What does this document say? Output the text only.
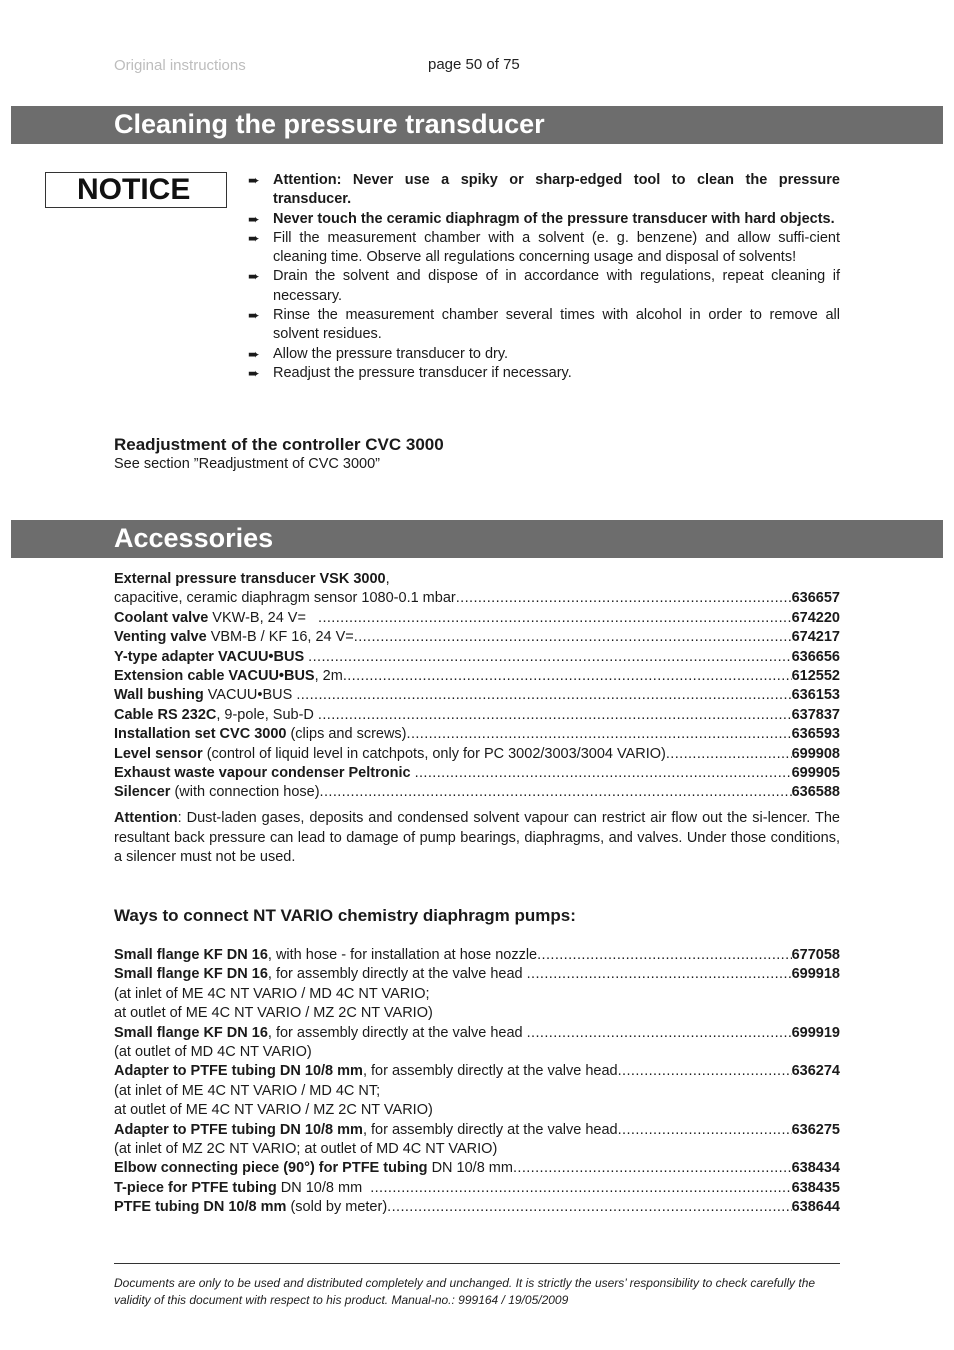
Original instructions	page 50 of 75
Cleaning the pressure transducer
NOTICE	➨ Attention: Never use a spiky or sharp-edged tool to clean the pressure transducer.
➨ Never touch the ceramic diaphragm of the pressure transducer with hard objects.
➨ Fill the measurement chamber with a solvent (e. g. benzene) and allow suffi-cient cleaning time. Observe all regulations concerning usage and disposal of solvents!
➨ Drain the solvent and dispose of in accordance with regulations, repeat cleaning if necessary.
➨ Rinse the measurement chamber several times with alcohol in order to remove all solvent residues.
➨ Allow the pressure transducer to dry.
➨ Readjust the pressure transducer if necessary.
Readjustment of the controller CVC 3000
See section ”Readjustment of CVC 3000”
Accessories
External pressure transducer VSK 3000,
capacitive, ceramic diaphragm sensor 1080-0.1 mbar .....	636657
Coolant valve VKW-B, 24 V= .....	674220
Venting valve VBM-B / KF 16, 24 V= .....	674217
Y-type adapter VACUU•BUS .....	636656
Extension cable VACUU•BUS, 2m .....	612552
Wall bushing VACUU•BUS .....	636153
Cable RS 232C, 9-pole, Sub-D .....	637837
Installation set CVC 3000 (clips and screws) .....	636593
Level sensor (control of liquid level in catchpots, only for PC 3002/3003/3004 VARIO) .....	699908
Exhaust waste vapour condenser Peltronic .....	699905
Silencer (with connection hose) .....	636588
Attention: Dust-laden gases, deposits and condensed solvent vapour can restrict air flow out the si-lencer. The resultant back pressure can lead to damage of pump bearings, diaphragms, and valves. Under those conditions, a silencer must not be used.
Ways to connect NT VARIO chemistry diaphragm pumps:
Small flange KF DN 16, with hose - for installation at hose nozzle .....	677058
Small flange KF DN 16, for assembly directly at the valve head .....	699918
(at inlet of ME 4C NT VARIO / MD 4C NT VARIO;
at outlet of ME 4C NT VARIO / MZ 2C NT VARIO)
Small flange KF DN 16, for assembly directly at the valve head .....	699919
(at outlet of MD 4C NT VARIO)
Adapter to PTFE tubing DN 10/8 mm, for assembly directly at the valve head .....	636274
(at inlet of ME 4C NT VARIO / MD 4C NT;
at outlet of ME 4C NT VARIO / MZ 2C NT VARIO)
Adapter to PTFE tubing DN 10/8 mm, for assembly directly at the valve head .....	636275
(at inlet of MZ 2C NT VARIO; at outlet of MD 4C NT VARIO)
Elbow connecting piece (90°) for PTFE tubing DN 10/8 mm .....	638434
T-piece for PTFE tubing DN 10/8 mm .....	638435
PTFE tubing DN 10/8 mm (sold by meter) .....	638644
Documents are only to be used and distributed completely and unchanged. It is strictly the users’ responsibility to check carefully the validity of this document with respect to his product. Manual-no.: 999164 / 19/05/2009
